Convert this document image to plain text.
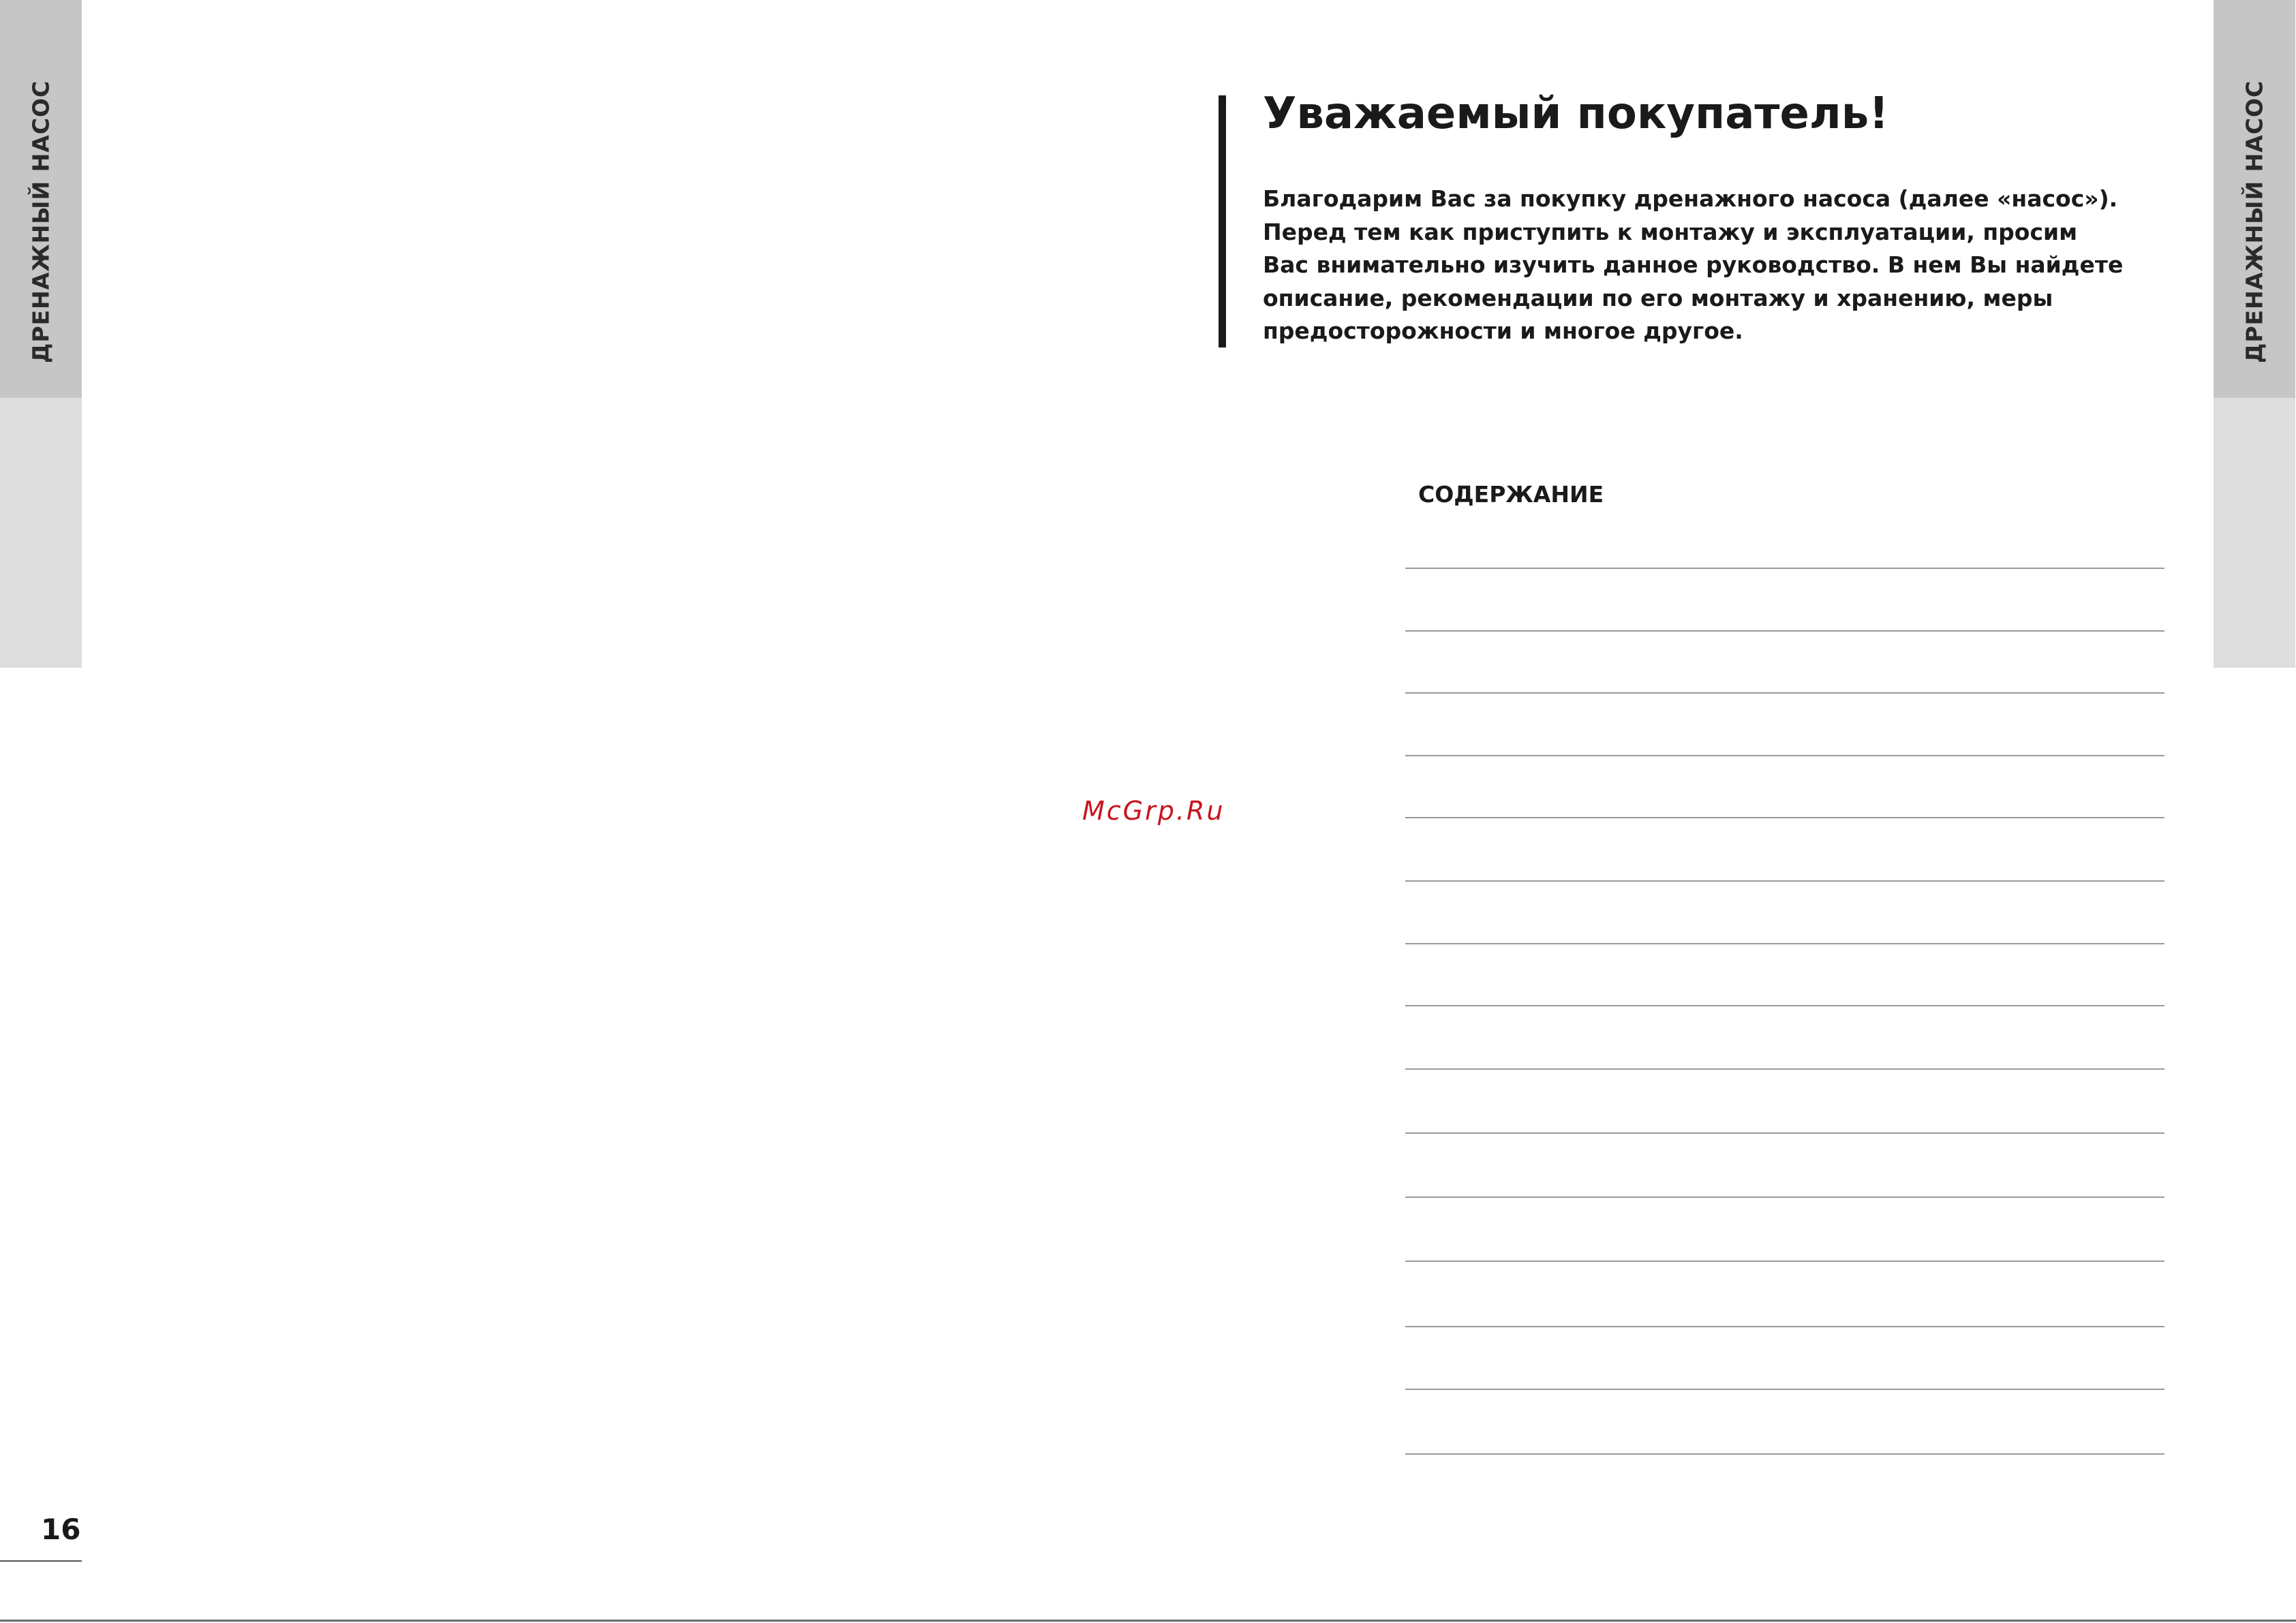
ДРЕНАЖНЫЙ НАСОС	ДРЕНАЖНЫЙ НАСОС
Уважаемый покупатель!
Благодарим Вас за покупку дренажного насоса (далее «насос»).
Перед тем как приступить к монтажу и эксплуатации, просим
Вас внимательно изучить данное руководство. В нем Вы найдете
описание, рекомендации по его монтажу и хранению, меры
предосторожности и многое другое.
McGrp.Ru
СОДЕРЖАНИЕ
16
